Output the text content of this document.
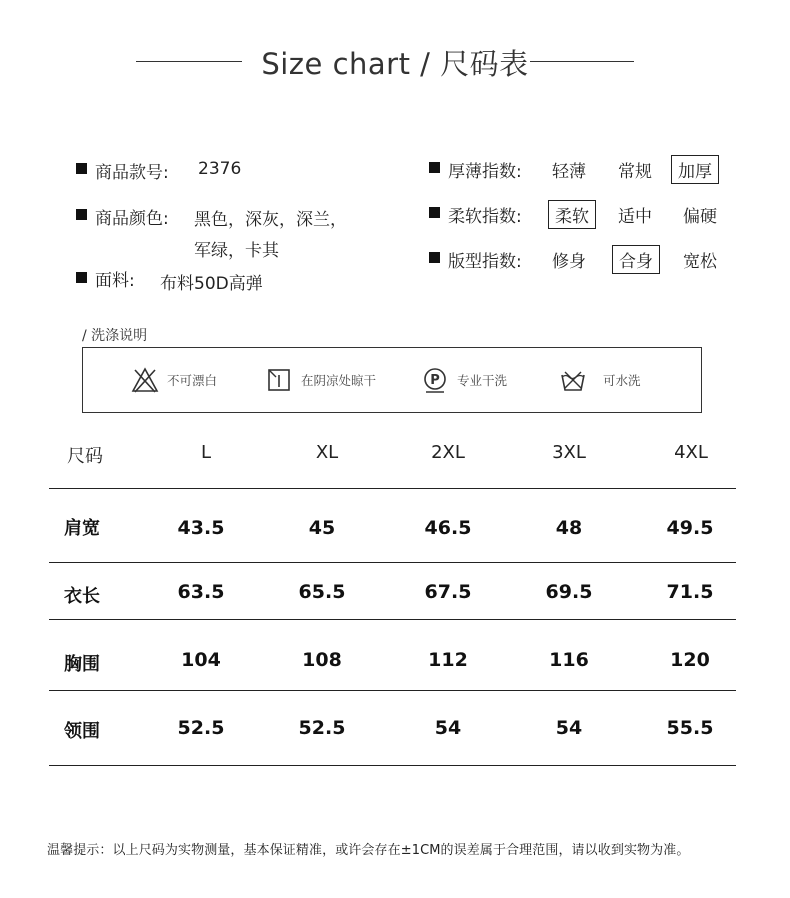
Size chart / 尺码表
商品款号: 2376
商品颜色: 黑色，深灰，深兰，
军绿，卡其
面料: 布料50D高弹
厚薄指数: 轻薄 常规	加厚
柔软指数:	柔软	适中 偏硬
版型指数: 修身	合身	宽松
/ 洗涤说明
不可漂白	在阴凉处晾干	P 专业干洗	可水洗
尺码	L	XL	2XL	3XL	4XL
肩宽	43.5	45	46.5	48	49.5
衣长	63.5	65.5	67.5	69.5	71.5
胸围	104	108	112	116	120
领围	52.5	52.5	54	54	55.5
温馨提示：以上尺码为实物测量，基本保证精准，或许会存在±1CM的误差属于合理范围，请以收到实物为准。
